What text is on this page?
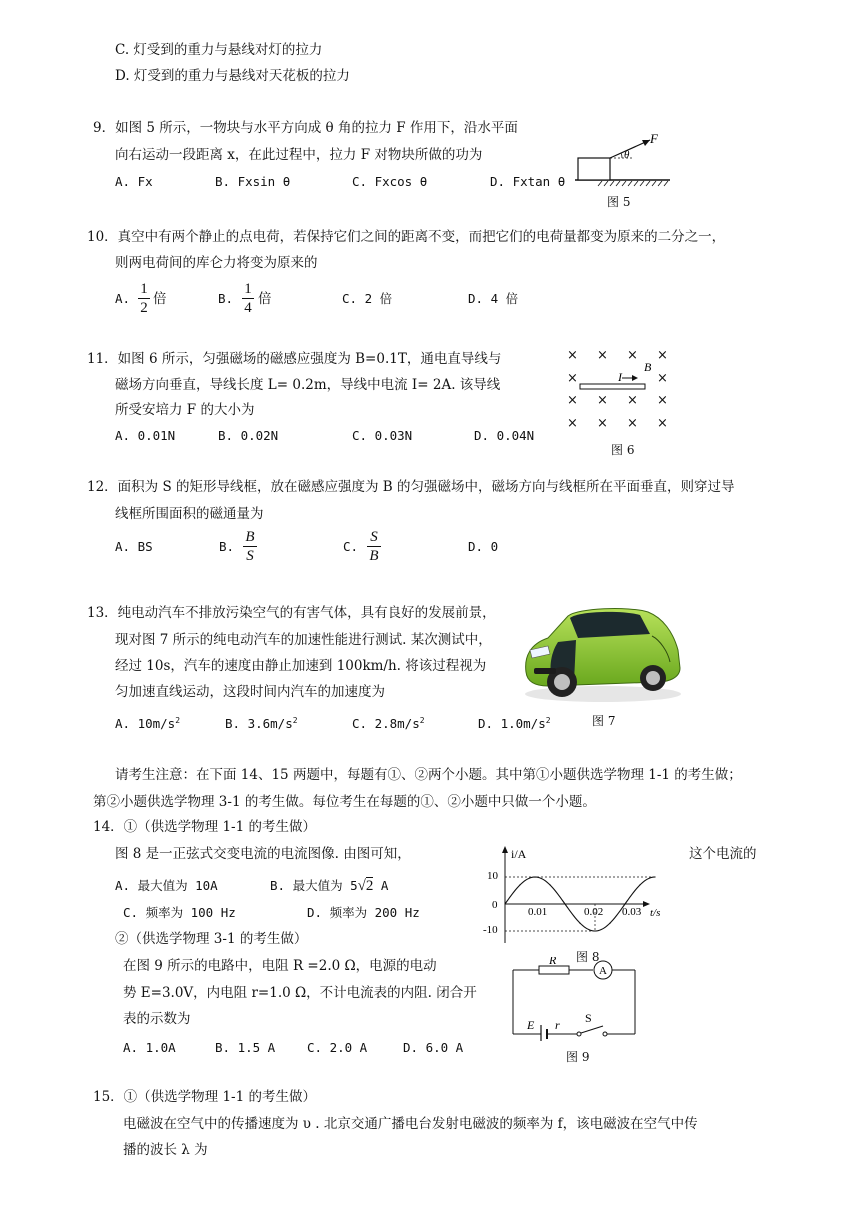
C. 灯受到的重力与悬线对灯的拉力
D. 灯受到的重力与悬线对天花板的拉力
9．如图 5 所示，一物块与水平方向成 θ 角的拉力 F 作用下，沿水平面
向右运动一段距离 x，在此过程中，拉力 F 对物块所做的功为
A. Fx	B. Fxsin θ	C. Fxcos θ	D. Fxtan θ
F
θ
图 5
10．真空中有两个静止的点电荷，若保持它们之间的距离不变，而把它们的电荷量都变为原来的二分之一，
则两电荷间的库仑力将变为原来的
A.
1
2
倍	B.
1
4
倍	C. 2 倍	D. 4 倍
11．如图 6 所示，匀强磁场的磁感应强度为 B=0.1T，通电直导线与
磁场方向垂直，导线长度 L= 0.2m，导线中电流 I= 2A. 该导线
所受安培力 F 的大小为
A. 0.01N	B. 0.02N	C. 0.03N	D. 0.04N
× × × ×
×	×
× × × ×
× × × ×
I
B
图 6
12．面积为 S 的矩形导线框，放在磁感应强度为 B 的匀强磁场中，磁场方向与线框所在平面垂直，则穿过导
线框所围面积的磁通量为
A. BS	B.
B
S
C.
S
B
D. 0
13．纯电动汽车不排放污染空气的有害气体，具有良好的发展前景，
现对图 7 所示的纯电动汽车的加速性能进行测试. 某次测试中，
经过 10s，汽车的速度由静止加速到 100km/h. 将该过程视为
匀加速直线运动，这段时间内汽车的加速度为
A. $10m/s^2$	B. $3.6m/s^2$	C. $2.8m/s^2$	D. $1.0m/s^2$	图 7
请考生注意：在下面 14、15 两题中，每题有①、②两个小题。其中第①小题供选学物理 1-1 的考生做；
第②小题供选学物理 3-1 的考生做。每位考生在每题的①、②小题中只做一个小题。
14．①（供选学物理 1-1 的考生做）
图 8 是一正弦式交变电流的电流图像. 由图可知，	这个电流的
A. 最大值为 10A	B. 最大值为 5√2 A
C. 频率为 100 Hz	D. 频率为 200 Hz
②（供选学物理 3-1 的考生做）
在图 9 所示的电路中，电阻 R =2.0 Ω，电源的电动
势 E=3.0V，内电阻 r=1.0 Ω，不计电流表的内阻. 闭合开
表的示数为
A. 1.0A	B. 1.5 A	C. 2.0 A	D. 6.0 A
i/A
t/s
10
0
-10
0.01	0.02 0.03
图 8
A
R
E r S
图 9
15．①（供选学物理 1-1 的考生做）
电磁波在空气中的传播速度为 υ . 北京交通广播电台发射电磁波的频率为 f，该电磁波在空气中传
播的波长 λ 为
